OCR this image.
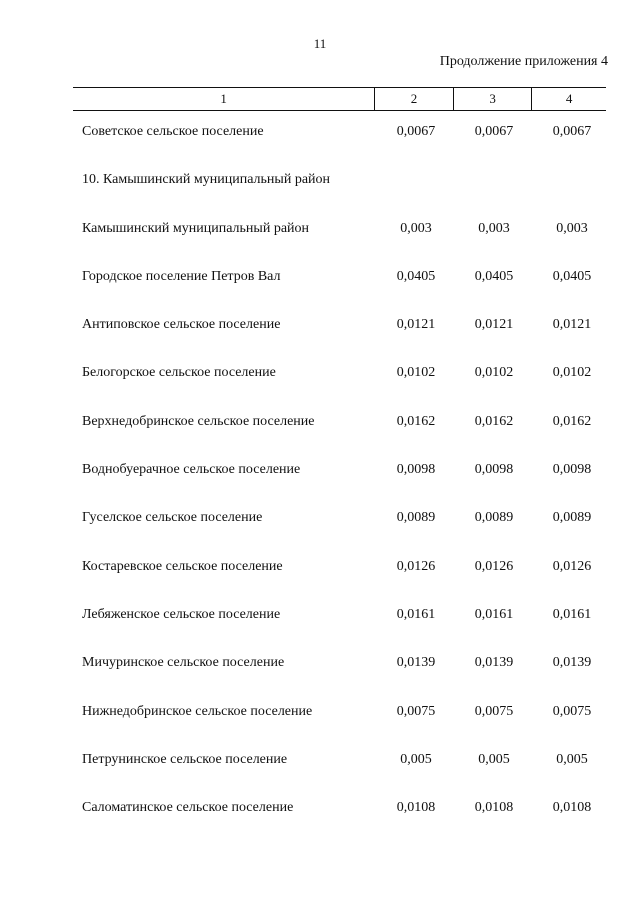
11
Продолжение приложения 4
1	2	3	4
Советское сельское поселение	0,0067	0,0067	0,0067
10. Камышинский муниципальный район
Камышинский муниципальный район	0,003	0,003	0,003
Городское поселение Петров Вал	0,0405	0,0405	0,0405
Антиповское сельское поселение	0,0121	0,0121	0,0121
Белогорское сельское поселение	0,0102	0,0102	0,0102
Верхнедобринское сельское поселение	0,0162	0,0162	0,0162
Воднобуерачное сельское поселение	0,0098	0,0098	0,0098
Гуселское сельское поселение	0,0089	0,0089	0,0089
Костаревское сельское поселение	0,0126	0,0126	0,0126
Лебяженское сельское поселение	0,0161	0,0161	0,0161
Мичуринское сельское поселение	0,0139	0,0139	0,0139
Нижнедобринское сельское поселение	0,0075	0,0075	0,0075
Петрунинское сельское поселение	0,005	0,005	0,005
Саломатинское сельское поселение	0,0108	0,0108	0,0108
